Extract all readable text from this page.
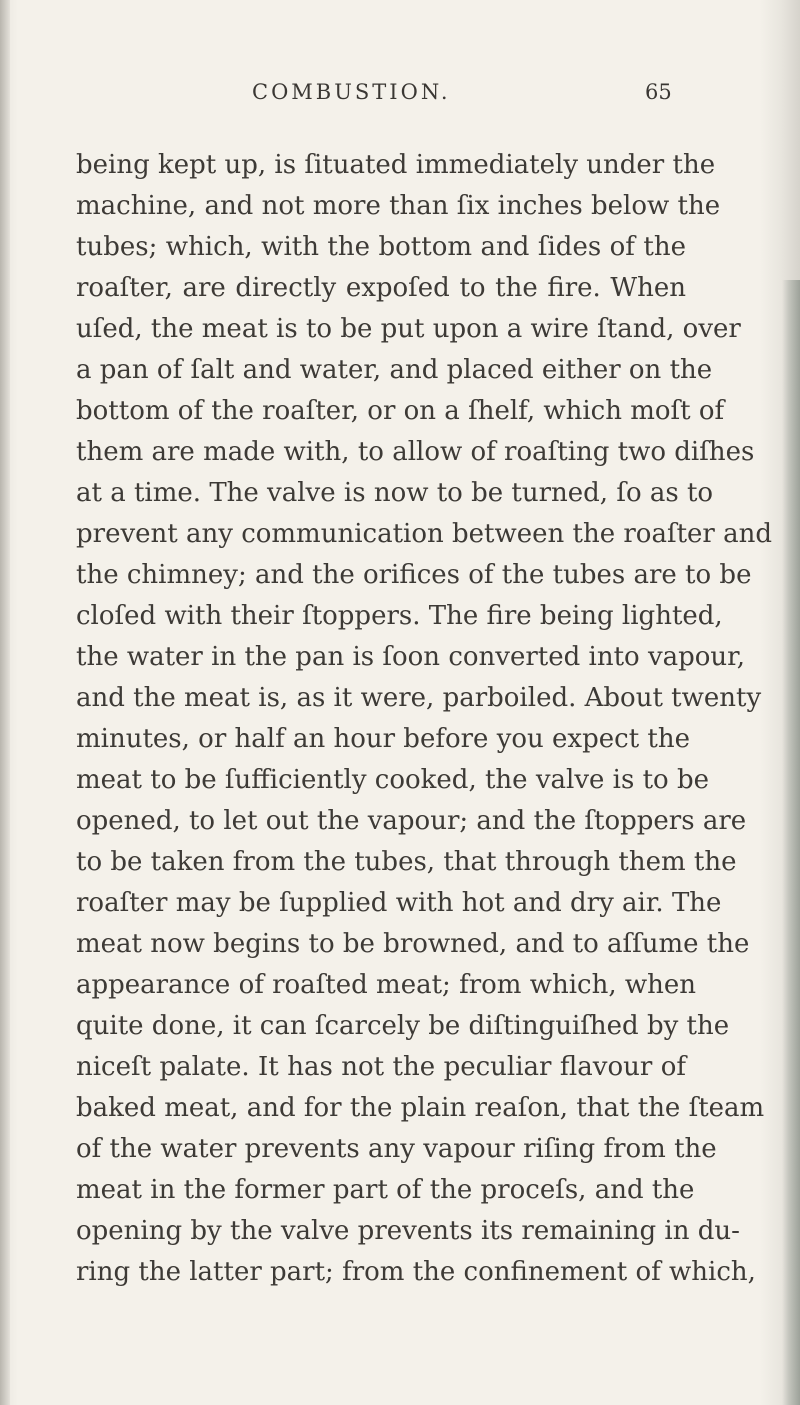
COMBUSTION.	65
being kept up, is ſituated immediately under the
machine, and not more than ſix inches below the
tubes; which, with the bottom and ſides of the
roaſter, are directly expoſed to the fire. When
uſed, the meat is to be put upon a wire ſtand, over
a pan of ſalt and water, and placed either on the
bottom of the roaſter, or on a ſhelf, which moſt of
them are made with, to allow of roaſting two diſhes
at a time. The valve is now to be turned, ſo as to
prevent any communication between the roaſter and
the chimney; and the orifices of the tubes are to be
cloſed with their ſtoppers. The fire being lighted,
the water in the pan is ſoon converted into vapour,
and the meat is, as it were, parboiled. About twenty
minutes, or half an hour before you expect the
meat to be ſufficiently cooked, the valve is to be
opened, to let out the vapour; and the ſtoppers are
to be taken from the tubes, that through them the
roaſter may be ſupplied with hot and dry air. The
meat now begins to be browned, and to aſſume the
appearance of roaſted meat; from which, when
quite done, it can ſcarcely be diſtinguiſhed by the
niceſt palate. It has not the peculiar flavour of
baked meat, and for the plain reaſon, that the ſteam
of the water prevents any vapour riſing from the
meat in the former part of the proceſs, and the
opening by the valve prevents its remaining in du-
ring the latter part; from the confinement of which,
